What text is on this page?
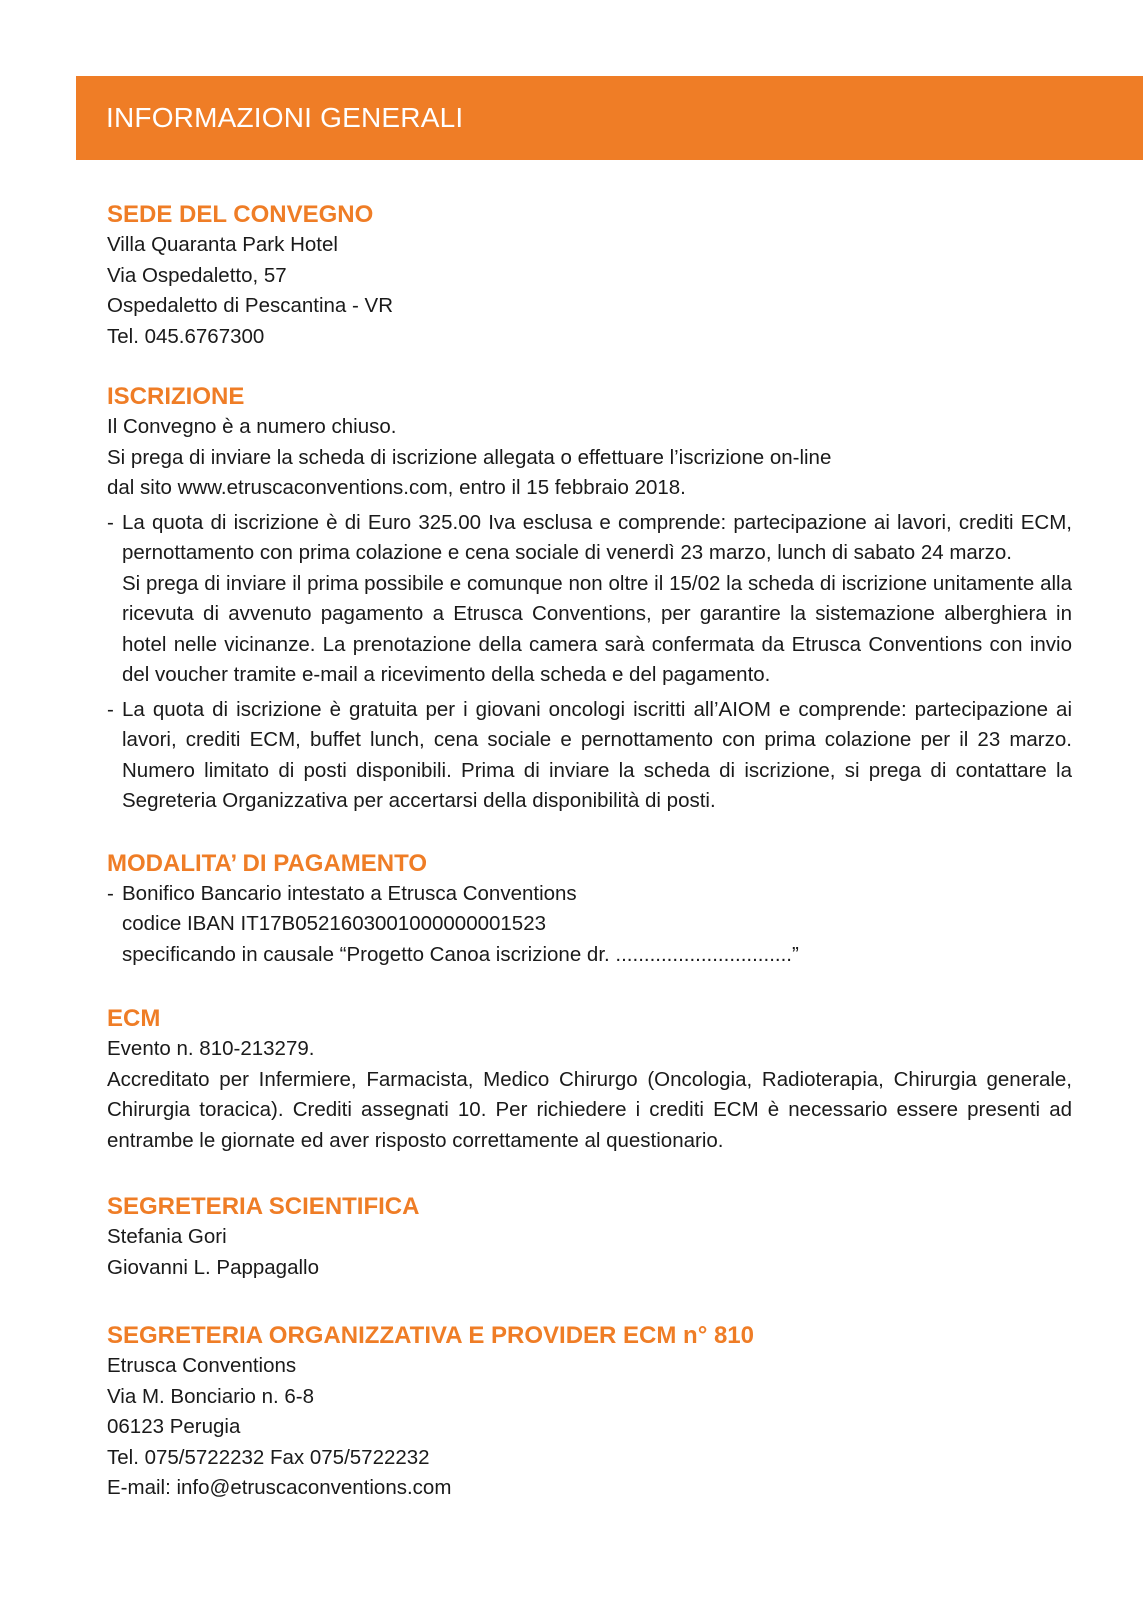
INFORMAZIONI GENERALI
SEDE DEL CONVEGNO
Villa Quaranta Park Hotel
Via Ospedaletto, 57
Ospedaletto di Pescantina - VR
Tel. 045.6767300
ISCRIZIONE
Il Convegno è a numero chiuso.
Si prega di inviare la scheda di iscrizione allegata o effettuare l’iscrizione on-line
dal sito www.etruscaconventions.com, entro il 15 febbraio 2018.
- La quota di iscrizione è di Euro 325.00 Iva esclusa e comprende: partecipazione ai lavori, crediti ECM, pernottamento con prima colazione e cena sociale di venerdì 23 marzo, lunch di sabato 24 marzo.
Si prega di inviare il prima possibile e comunque non oltre il 15/02 la scheda di iscrizione unitamente alla ricevuta di avvenuto pagamento a Etrusca Conventions, per garantire la sistemazione alberghiera in hotel nelle vicinanze. La prenotazione della camera sarà confermata da Etrusca Conventions con invio del voucher tramite e-mail a ricevimento della scheda e del pagamento.
- La quota di iscrizione è gratuita per i giovani oncologi iscritti all’AIOM e comprende: partecipazione ai lavori, crediti ECM, buffet lunch, cena sociale e pernottamento con prima colazione per il 23 marzo. Numero limitato di posti disponibili. Prima di inviare la scheda di iscrizione, si prega di contattare la Segreteria Organizzativa per accertarsi della disponibilità di posti.
MODALITA’ DI PAGAMENTO
- Bonifico Bancario intestato a Etrusca Conventions
codice IBAN IT17B0521603001000000001523
specificando in causale “Progetto Canoa iscrizione dr. ...............................”
ECM
Evento n. 810-213279.
Accreditato per Infermiere, Farmacista, Medico Chirurgo (Oncologia, Radioterapia, Chirurgia generale, Chirurgia toracica). Crediti assegnati 10. Per richiedere i crediti ECM è necessario essere presenti ad entrambe le giornate ed aver risposto correttamente al questionario.
SEGRETERIA SCIENTIFICA
Stefania Gori
Giovanni L. Pappagallo
SEGRETERIA ORGANIZZATIVA E PROVIDER ECM n° 810
Etrusca Conventions
Via M. Bonciario n. 6-8
06123 Perugia
Tel. 075/5722232 Fax 075/5722232
E-mail: info@etruscaconventions.com
